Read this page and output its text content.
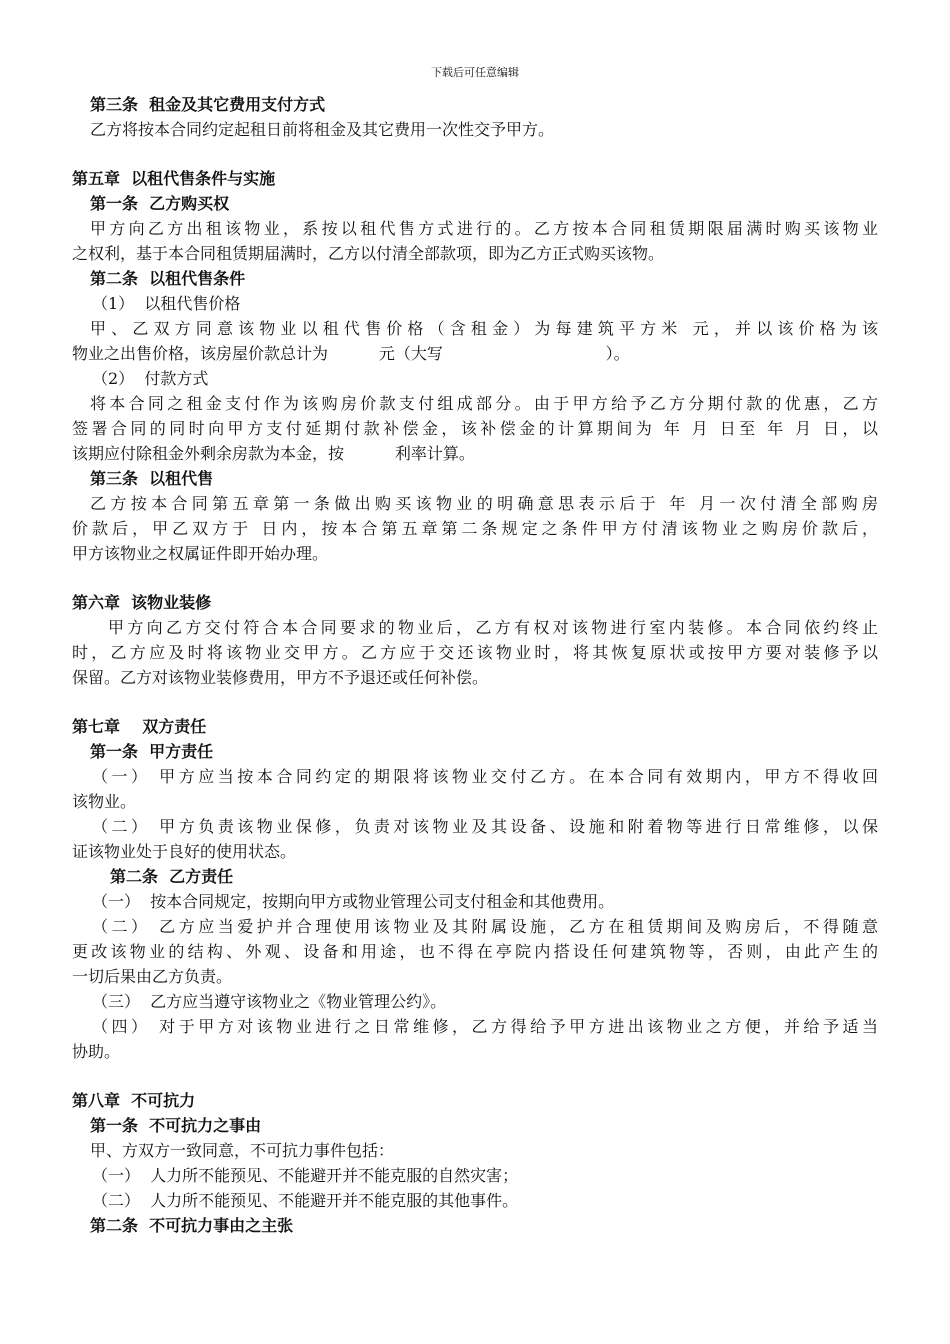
下载后可任意编辑
第三条  租金及其它费用支付方式
乙方将按本合同约定起租日前将租金及其它费用一次性交予甲方。
第五章  以租代售条件与实施
第一条  乙方购买权
甲方向乙方出租该物业，系按以租代售方式进行的。乙方按本合同租赁期限届满时购买该物业
之权利，基于本合同租赁期届满时，乙方以付清全部款项，即为乙方正式购买该物。
第二条  以租代售条件
（1）  以租代售价格
甲、乙双方同意该物业以租代售价格（含租金）为每建筑平方米 元，并以该价格为该
物业之出售价格，该房屋价款总计为          元（大写                                ）。
（2）  付款方式
将本合同之租金支付作为该购房价款支付组成部分。由于甲方给予乙方分期付款的优惠，乙方
签署合同的同时向甲方支付延期付款补偿金，该补偿金的计算期间为 年 月 日至 年 月 日，以
该期应付除租金外剩余房款为本金，按          利率计算。
第三条  以租代售
乙方按本合同第五章第一条做出购买该物业的明确意思表示后于 年 月一次付清全部购房
价款后，甲乙双方于 日内，按本合第五章第二条规定之条件甲方付清该物业之购房价款后，
甲方该物业之权属证件即开始办理。
第六章  该物业装修
甲方向乙方交付符合本合同要求的物业后，乙方有权对该物进行室内装修。本合同依约终止
时，乙方应及时将该物业交甲方。乙方应于交还该物业时，将其恢复原状或按甲方要对装修予以
保留。乙方对该物业装修费用，甲方不予退还或任何补偿。
第七章    双方责任
第一条  甲方责任
（一） 甲方应当按本合同约定的期限将该物业交付乙方。在本合同有效期内，甲方不得收回
该物业。
（二） 甲方负责该物业保修，负责对该物业及其设备、设施和附着物等进行日常维修，以保
证该物业处于良好的使用状态。
第二条  乙方责任
（一）  按本合同规定，按期向甲方或物业管理公司支付租金和其他费用。
（二） 乙方应当爱护并合理使用该物业及其附属设施，乙方在租赁期间及购房后，不得随意
更改该物业的结构、外观、设备和用途，也不得在亭院内搭设任何建筑物等，否则，由此产生的
一切后果由乙方负责。
（三）  乙方应当遵守该物业之《物业管理公约》。
（四） 对于甲方对该物业进行之日常维修，乙方得给予甲方进出该物业之方便，并给予适当
协助。
第八章  不可抗力
第一条  不可抗力之事由
甲、方双方一致同意，不可抗力事件包括：
（一）  人力所不能预见、不能避开并不能克服的自然灾害；
（二）  人力所不能预见、不能避开并不能克服的其他事件。
第二条  不可抗力事由之主张
